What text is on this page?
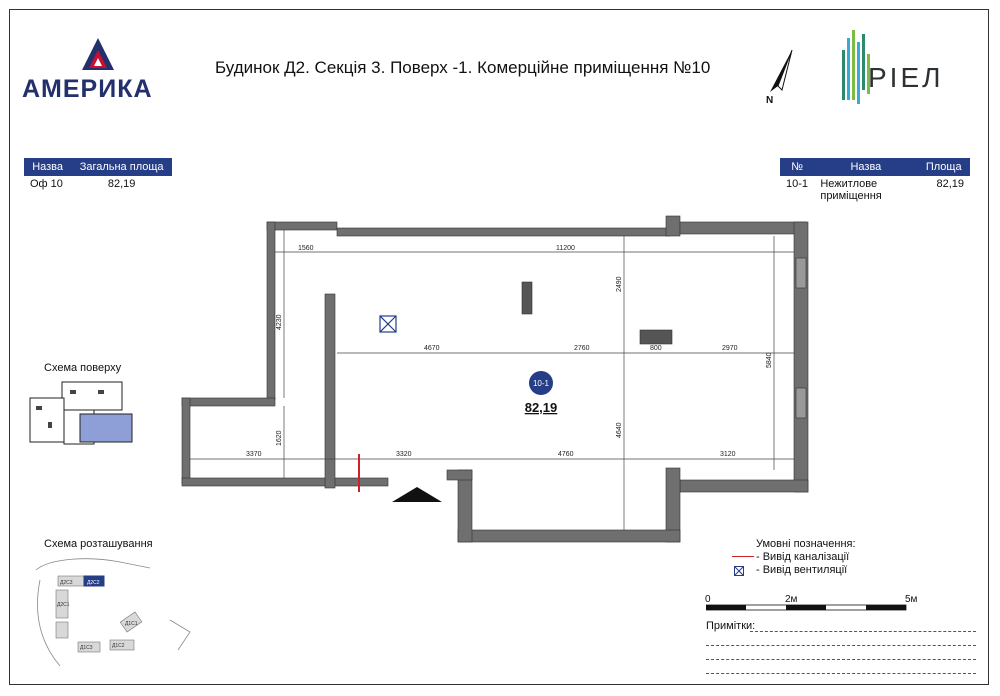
АМЕРИКА
Будинок Д2. Секція 3. Поверх -1. Комерційне приміщення №10
N
РІЕЛ
Назва	Загальна площа
Оф 10	82,19
№	Назва	Площа
10-1	Нежитлове приміщення	82,19
1560	11200
4230
2490
4670	2760	800	2970
5840
1620
4640
3370	3320	4760	3120
10-1
82,19
Схема поверху
Схема розташування
Д2С3	Д2С2
Д2С1
Д1С3	Д1С2
Д1С1
Умовні позначення:
- Вивід каналізації
- Вивід вентиляції
0	2м	5м
Примітки:
